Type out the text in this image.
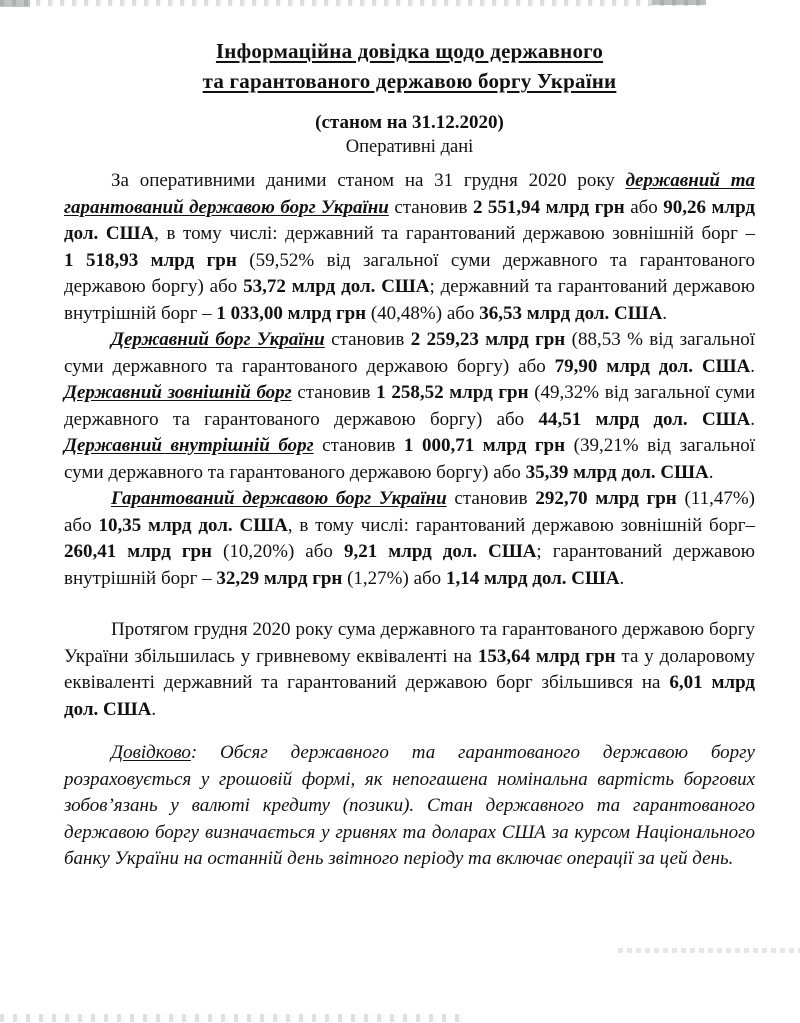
Інформаційна довідка щодо державного
та гарантованого державою боргу України
(станом на 31.12.2020)
Оперативні дані

За оперативними даними станом на 31 грудня 2020 року державний та гарантований державою борг України становив 2 551,94 млрд грн або 90,26 млрд дол. США, в тому числі: державний та гарантований державою зовнішній борг – 1 518,93 млрд грн (59,52% від загальної суми державного та гарантованого державою боргу) або 53,72 млрд дол. США; державний та гарантований державою внутрішній борг – 1 033,00 млрд грн (40,48%) або 36,53 млрд дол. США.

Державний борг України становив 2 259,23 млрд грн (88,53 % від загальної суми державного та гарантованого державою боргу) або 79,90 млрд дол. США. Державний зовнішній борг становив 1 258,52 млрд грн (49,32% від загальної суми державного та гарантованого державою боргу) або 44,51 млрд дол. США. Державний внутрішній борг становив 1 000,71 млрд грн (39,21% від загальної суми державного та гарантованого державою боргу) або 35,39 млрд дол. США.

Гарантований державою борг України становив 292,70 млрд грн (11,47%) або 10,35 млрд дол. США, в тому числі: гарантований державою зовнішній борг– 260,41 млрд грн (10,20%) або 9,21 млрд дол. США; гарантований державою внутрішній борг – 32,29 млрд грн (1,27%) або 1,14 млрд дол. США.

Протягом грудня 2020 року сума державного та гарантованого державою боргу України збільшилась у гривневому еквіваленті на 153,64 млрд грн та у доларовому еквіваленті державний та гарантований державою борг збільшився на 6,01 млрд дол. США.

Довідково: Обсяг державного та гарантованого державою боргу розраховується у грошовій формі, як непогашена номінальна вартість боргових зобов’язань у валюті кредиту (позики). Стан державного та гарантованого державою боргу визначається у гривнях та доларах США за курсом Національного банку України на останній день звітного періоду та включає операції за цей день.
